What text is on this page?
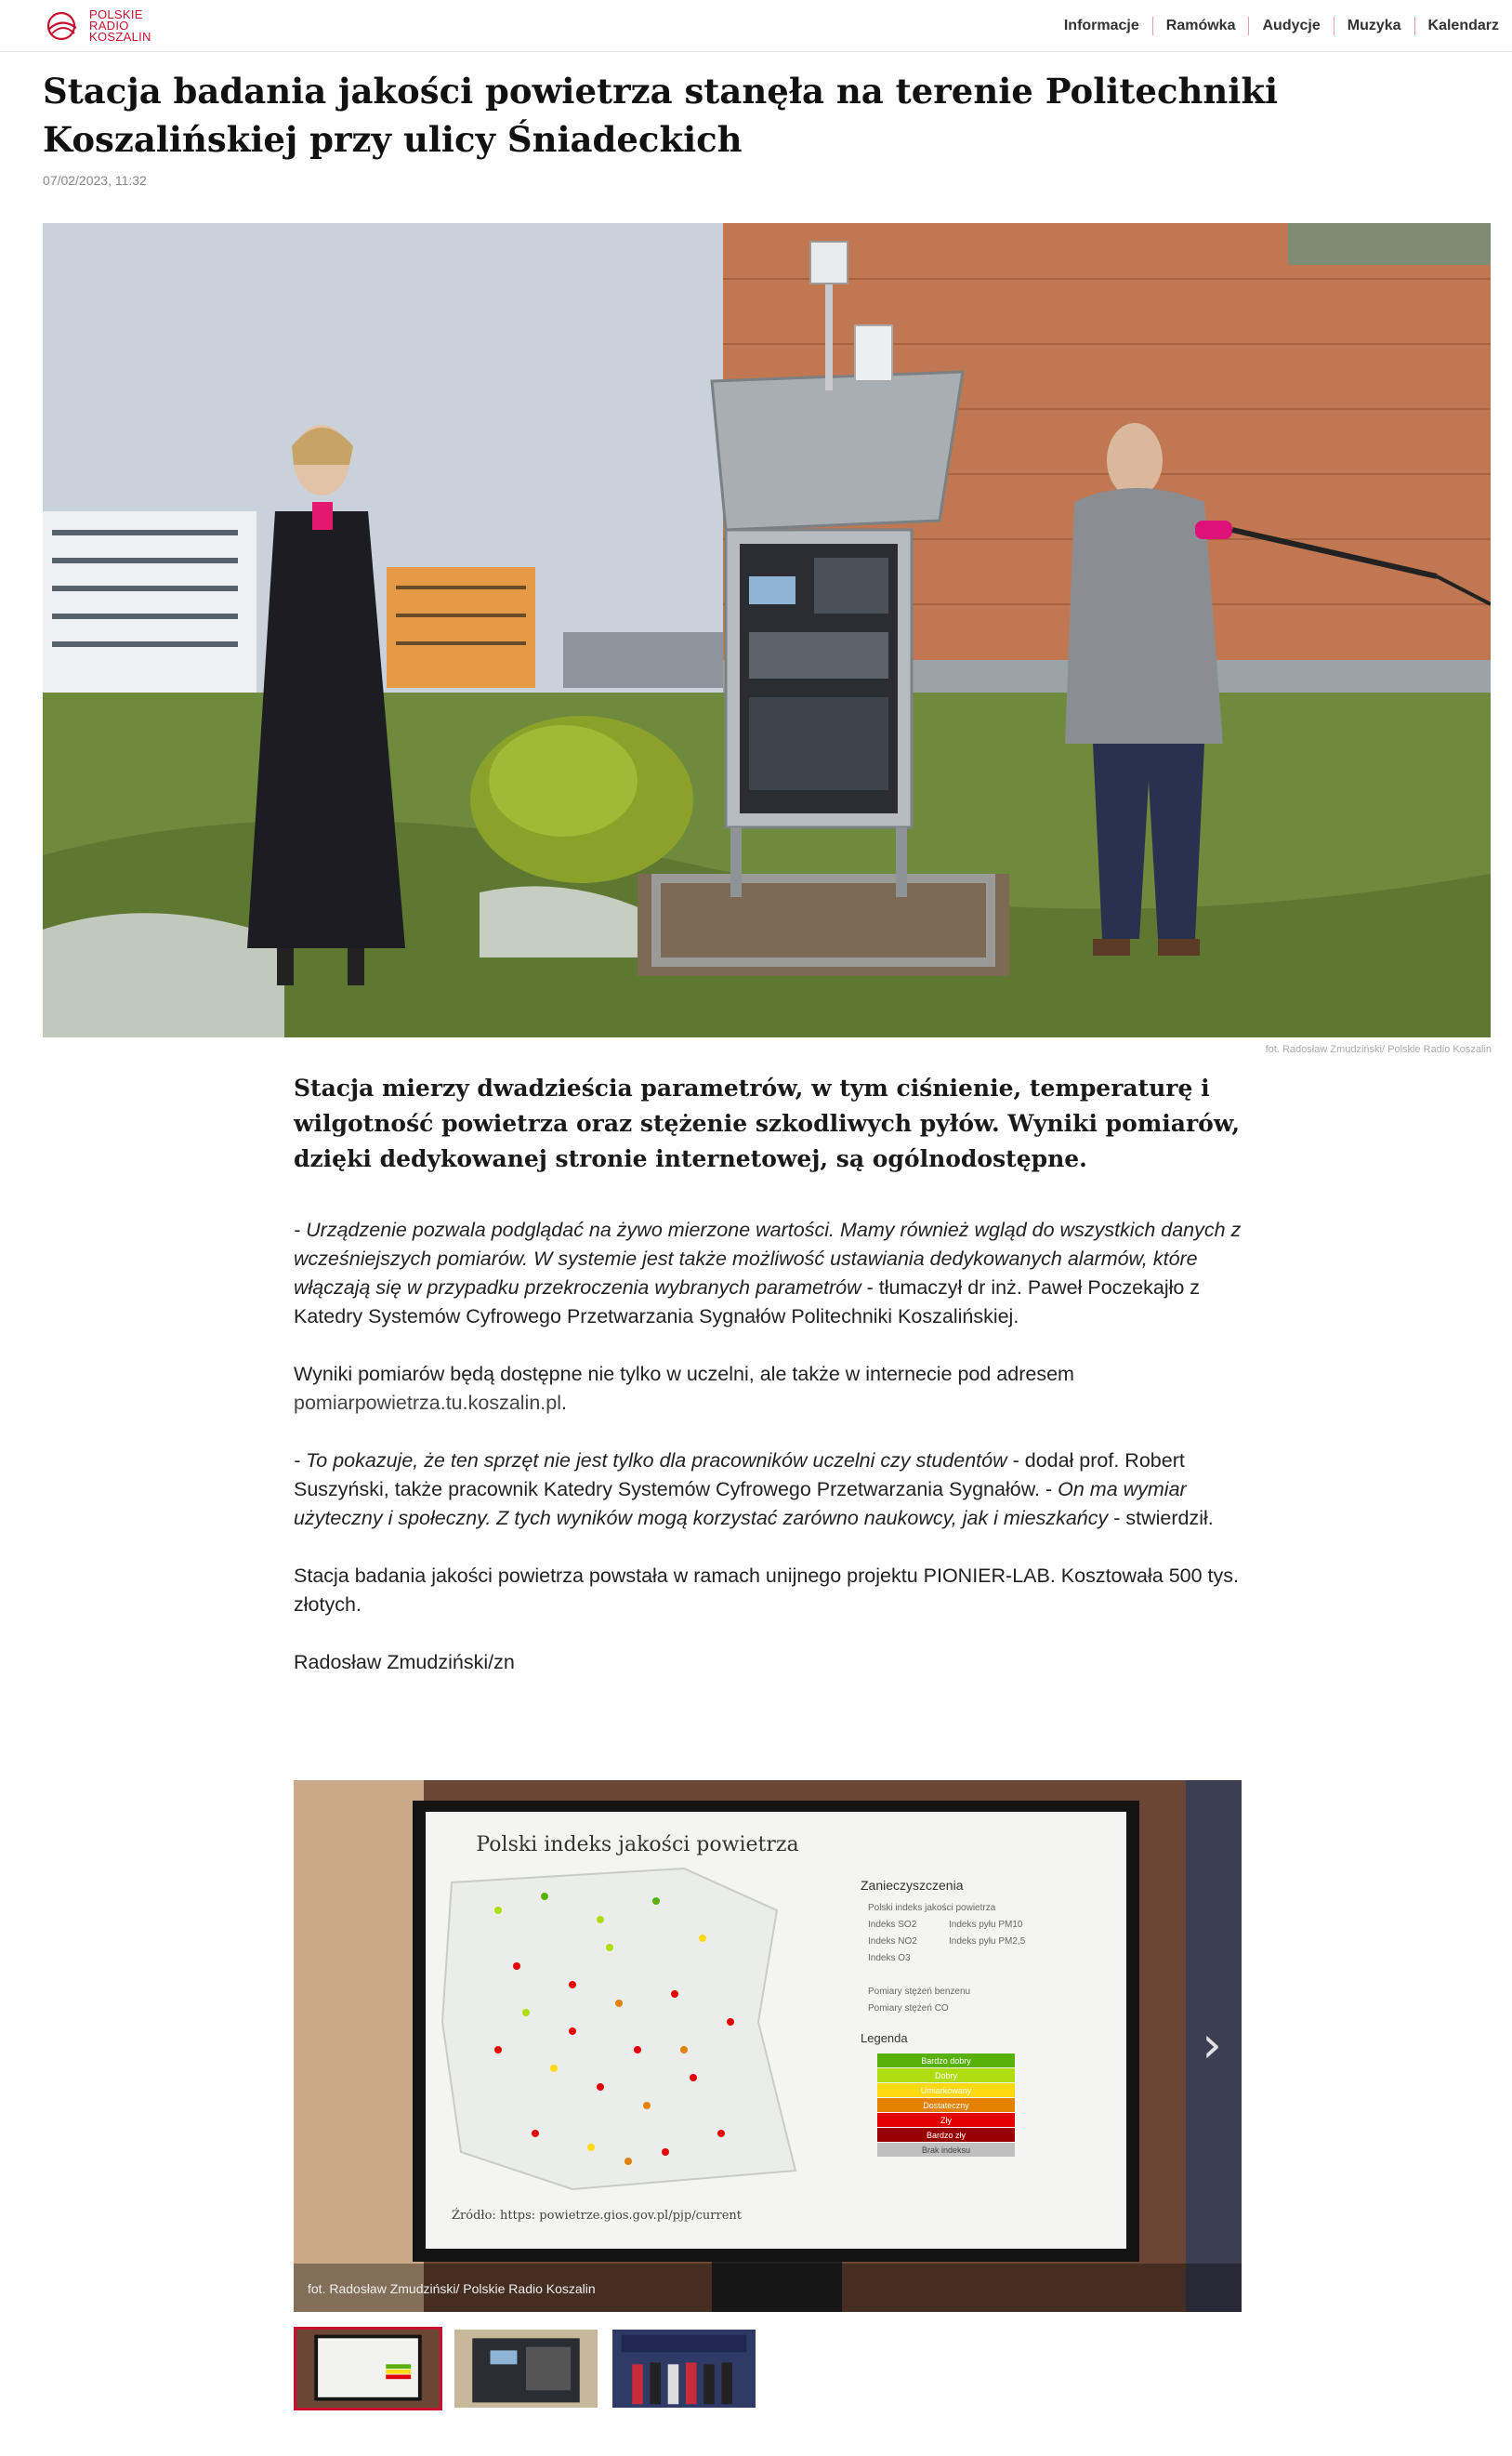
POLSKIE
RADIO
KOSZALIN
Informacje	Ramówka	Audycje	Muzyka	Kalendarz
Stacja badania jakości powietrza stanęła na terenie Politechniki Koszalińskiej przy ulicy Śniadeckich
07/02/2023, 11:32
fot. Radosław Zmudziński/ Polskie Radio Koszalin
Stacja mierzy dwadzieścia parametrów, w tym ciśnienie, temperaturę i wilgotność powietrza oraz stężenie szkodliwych pyłów. Wyniki pomiarów, dzięki dedykowanej stronie internetowej, są ogólnodostępne.

- Urządzenie pozwala podglądać na żywo mierzone wartości. Mamy również wgląd do wszystkich danych z wcześniejszych pomiarów. W systemie jest także możliwość ustawiania dedykowanych alarmów, które włączają się w przypadku przekroczenia wybranych parametrów - tłumaczył dr inż. Paweł Poczekajło z Katedry Systemów Cyfrowego Przetwarzania Sygnałów Politechniki Koszalińskiej.

Wyniki pomiarów będą dostępne nie tylko w uczelni, ale także w internecie pod adresem pomiarpowietrza.tu.koszalin.pl.

- To pokazuje, że ten sprzęt nie jest tylko dla pracowników uczelni czy studentów - dodał prof. Robert Suszyński, także pracownik Katedry Systemów Cyfrowego Przetwarzania Sygnałów. - On ma wymiar użyteczny i społeczny. Z tych wyników mogą korzystać zarówno naukowcy, jak i mieszkańcy - stwierdził.

Stacja badania jakości powietrza powstała w ramach unijnego projektu PIONIER-LAB. Kosztowała 500 tys. złotych.

Radosław Zmudziński/zn

Polski indeks jakości powietrza
Zanieczyszczenia
Polski indeks jakości powietrza
Indeks SO2	Indeks pyłu PM10
Indeks NO2	Indeks pyłu PM2,5
Indeks O3
Pomiary stężeń benzenu
Pomiary stężeń CO
Legenda
Bardzo dobry
Dobry
Umiarkowany
Dostateczny
Zły
Bardzo zły
Brak indeksu
Źródło: https: powietrze.gios.gov.pl/pjp/current
fot. Radosław Zmudziński/ Polskie Radio Koszalin
›
